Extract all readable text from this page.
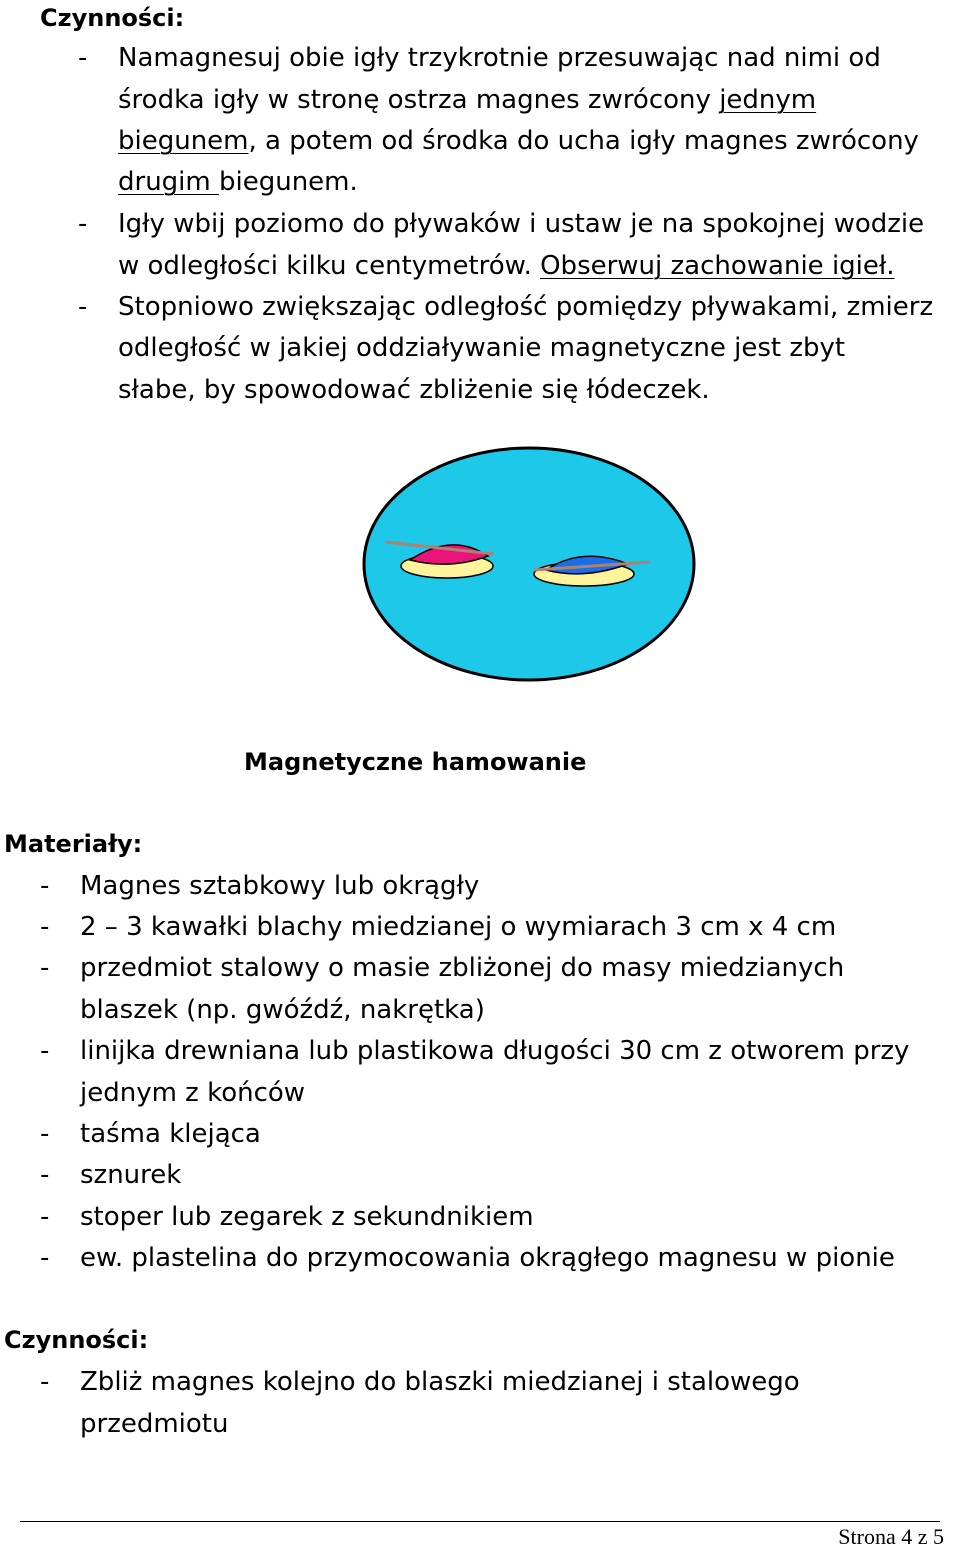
Czynności:
- Namagnesuj obie igły trzykrotnie przesuwając nad nimi od
środka igły w stronę ostrza magnes zwrócony jednym
biegunem, a potem od środka do ucha igły magnes zwrócony
drugim biegunem.
- Igły wbij poziomo do pływaków i ustaw je na spokojnej wodzie
w odległości kilku centymetrów. Obserwuj zachowanie igieł.
- Stopniowo zwiększając odległość pomiędzy pływakami, zmierz
odległość w jakiej oddziaływanie magnetyczne jest zbyt
słabe, by spowodować zbliżenie się łódeczek.
Magnetyczne hamowanie
Materiały:
- Magnes sztabkowy lub okrągły
- 2 – 3 kawałki blachy miedzianej o wymiarach 3 cm x 4 cm
- przedmiot stalowy o masie zbliżonej do masy miedzianych
blaszek (np. gwóźdź, nakrętka)
- linijka drewniana lub plastikowa długości 30 cm z otworem przy
jednym z końców
- taśma klejąca
- sznurek
- stoper lub zegarek z sekundnikiem
- ew. plastelina do przymocowania okrągłego magnesu w pionie
Czynności:
- Zbliż magnes kolejno do blaszki miedzianej i stalowego
przedmiotu
Strona 4 z 5
